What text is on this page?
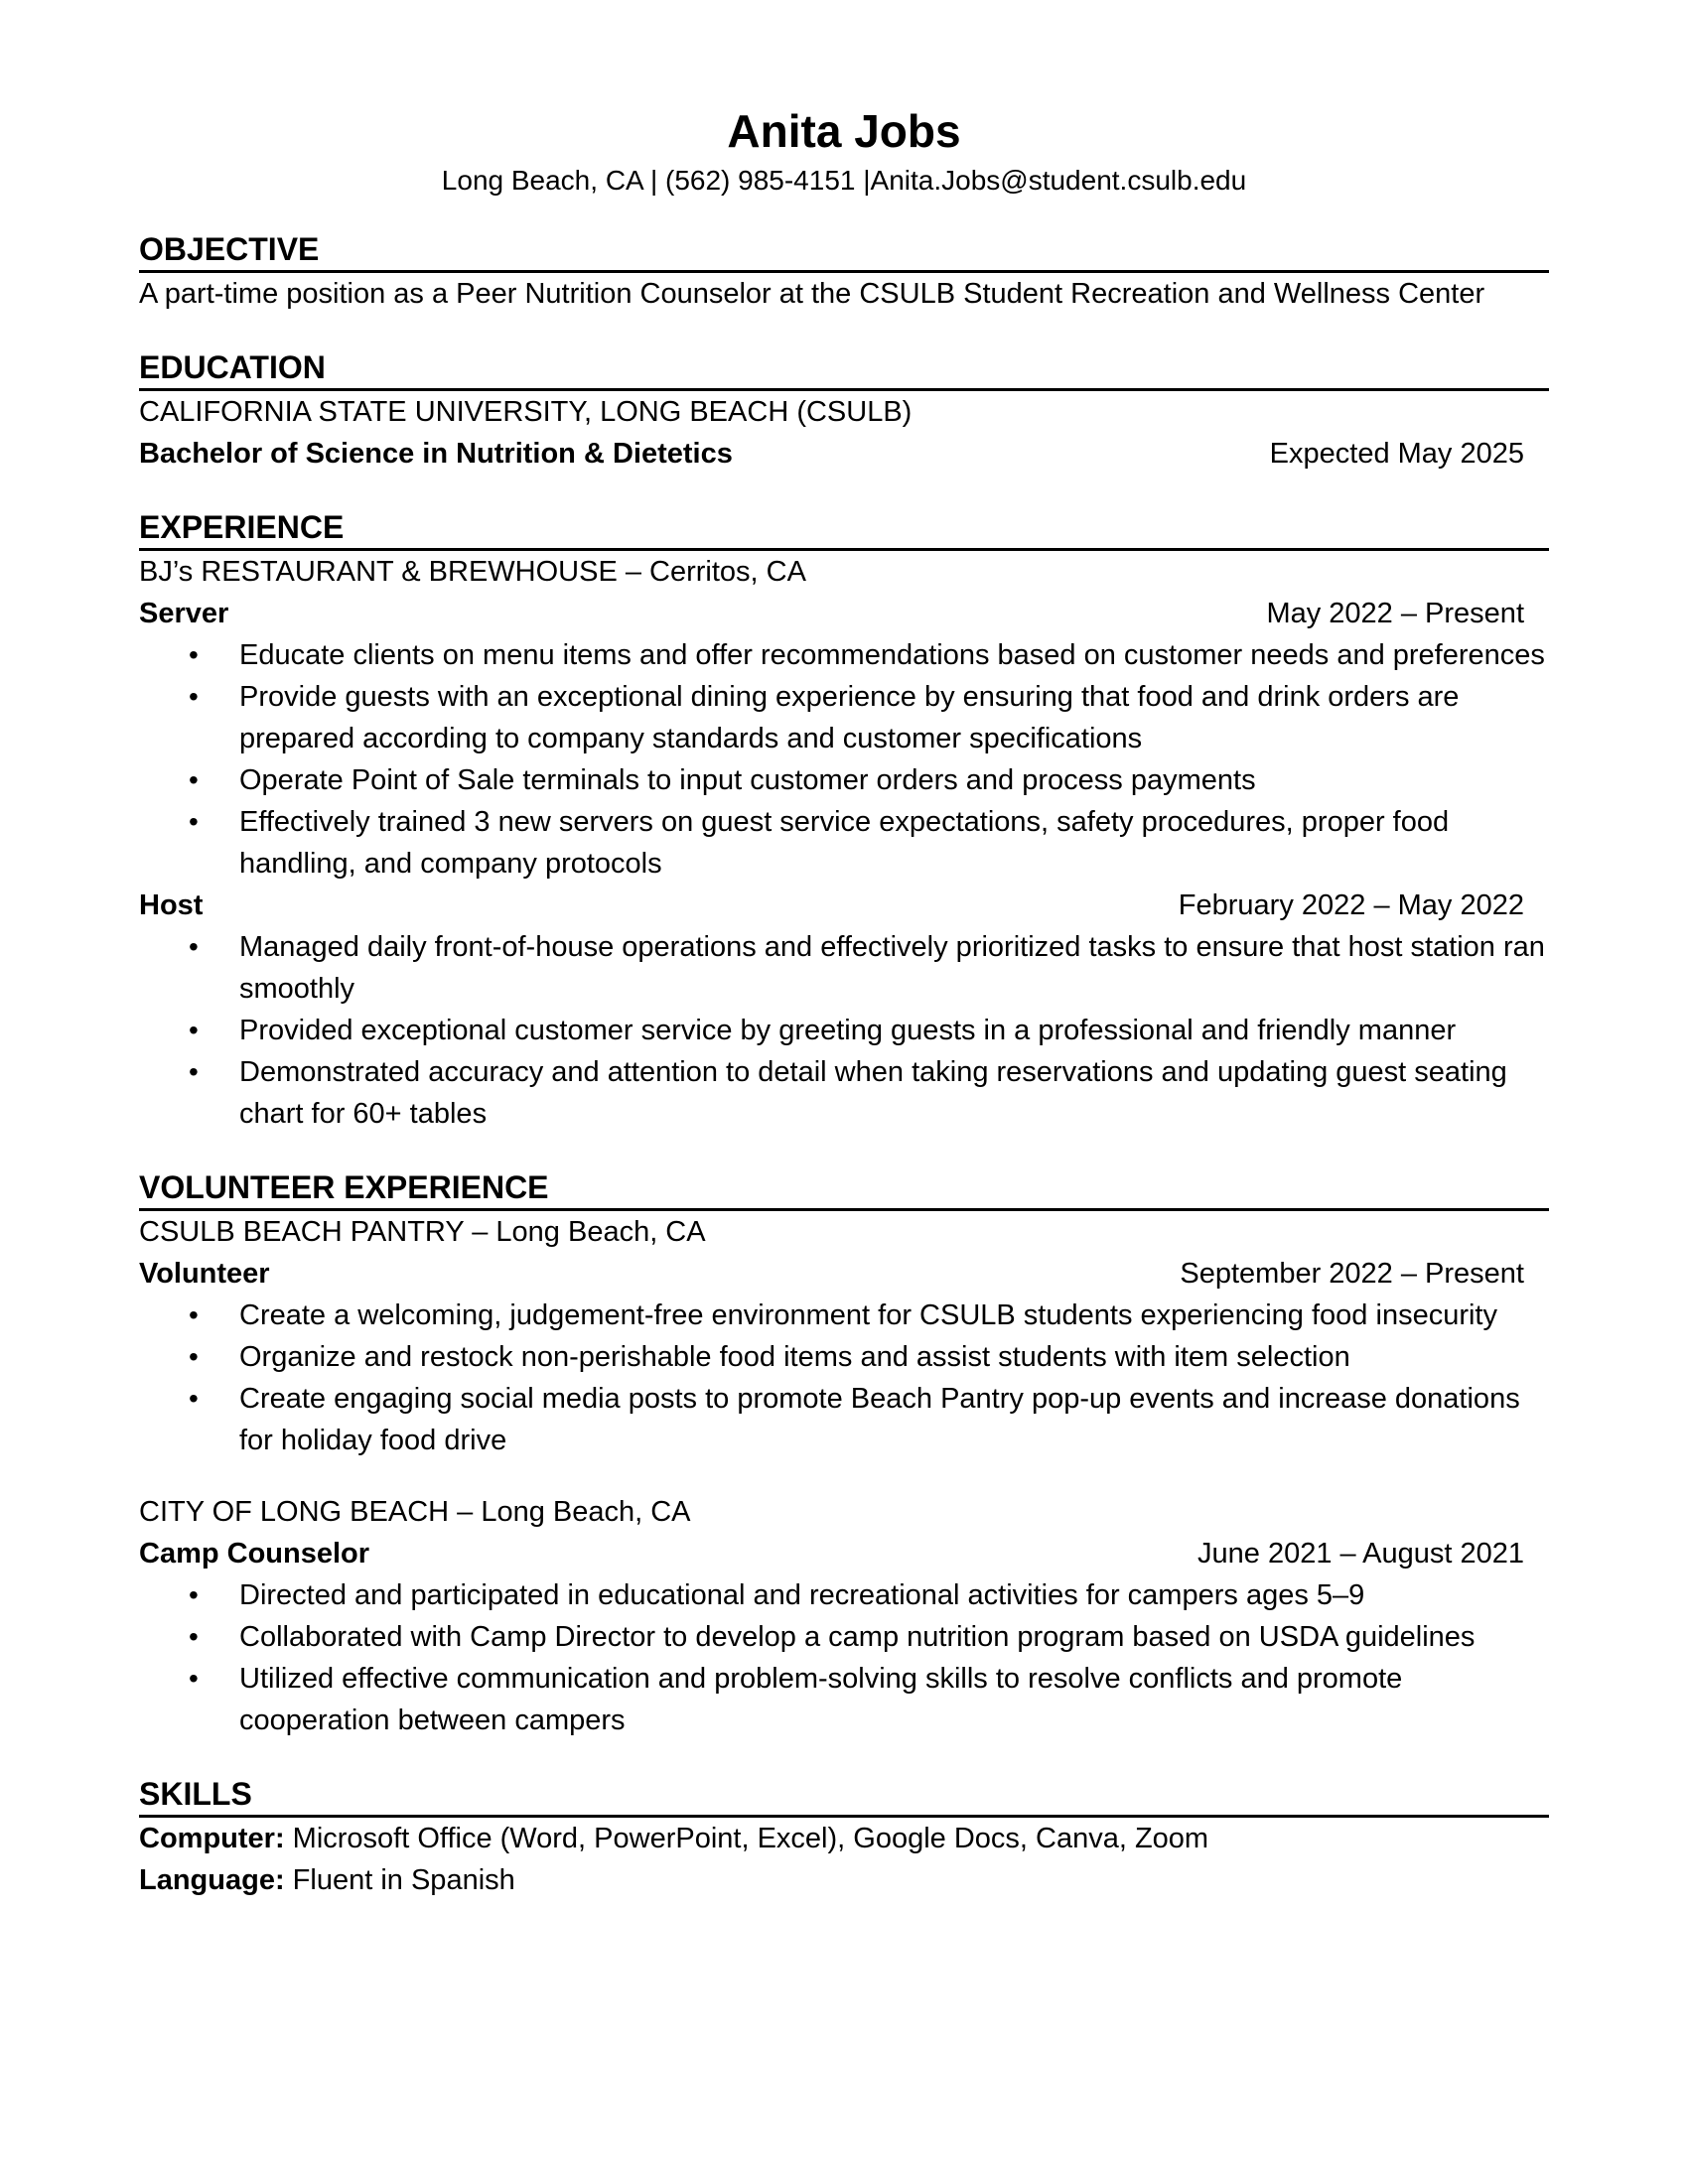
Anita Jobs
Long Beach, CA | (562) 985-4151 |Anita.Jobs@student.csulb.edu
OBJECTIVE
A part-time position as a Peer Nutrition Counselor at the CSULB Student Recreation and Wellness Center
EDUCATION
CALIFORNIA STATE UNIVERSITY, LONG BEACH (CSULB)
Bachelor of Science in Nutrition & Dietetics	Expected May 2025
EXPERIENCE
BJ’s RESTAURANT & BREWHOUSE – Cerritos, CA
Server	May 2022 – Present
• Educate clients on menu items and offer recommendations based on customer needs and preferences
• Provide guests with an exceptional dining experience by ensuring that food and drink orders are prepared according to company standards and customer specifications
• Operate Point of Sale terminals to input customer orders and process payments
• Effectively trained 3 new servers on guest service expectations, safety procedures, proper food handling, and company protocols
Host	February 2022 – May 2022
• Managed daily front-of-house operations and effectively prioritized tasks to ensure that host station ran smoothly
• Provided exceptional customer service by greeting guests in a professional and friendly manner
• Demonstrated accuracy and attention to detail when taking reservations and updating guest seating chart for 60+ tables
VOLUNTEER EXPERIENCE
CSULB BEACH PANTRY – Long Beach, CA
Volunteer	September 2022 – Present
• Create a welcoming, judgement-free environment for CSULB students experiencing food insecurity
• Organize and restock non-perishable food items and assist students with item selection
• Create engaging social media posts to promote Beach Pantry pop-up events and increase donations for holiday food drive
CITY OF LONG BEACH – Long Beach, CA
Camp Counselor	June 2021 – August 2021
• Directed and participated in educational and recreational activities for campers ages 5–9
• Collaborated with Camp Director to develop a camp nutrition program based on USDA guidelines
• Utilized effective communication and problem-solving skills to resolve conflicts and promote cooperation between campers
SKILLS
Computer: Microsoft Office (Word, PowerPoint, Excel), Google Docs, Canva, Zoom
Language: Fluent in Spanish
